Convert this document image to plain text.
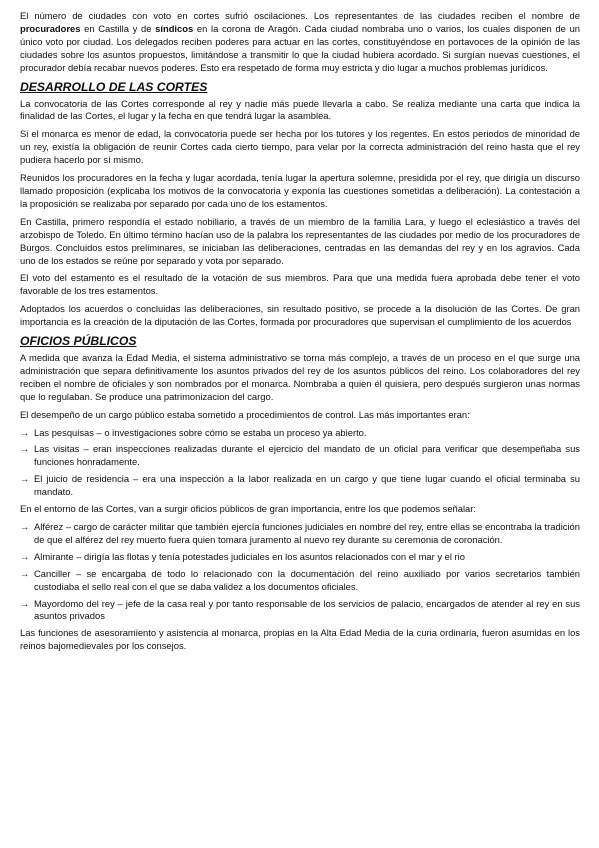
El número de ciudades con voto en cortes sufrió oscilaciones. Los representantes de las ciudades reciben el nombre de procuradores en Castilla y de síndicos en la corona de Aragón. Cada ciudad nombraba uno o varios, los cuales disponen de un único voto por ciudad. Los delegados reciben poderes para actuar en las cortes, constituyéndose en portavoces de la opinión de las ciudades sobre los asuntos propuestos, limitándose a transmitir lo que la ciudad hubiera acordado. Si surgían nuevas cuestiones, el procurador debía recabar nuevos poderes. Esto era respetado de forma muy estricta y dio lugar a muchos problemas jurídicos.

DESARROLLO DE LAS CORTES

La convocatoria de las Cortes corresponde al rey y nadie más puede llevarla a cabo. Se realiza mediante una carta que indica la finalidad de las Cortes, el lugar y la fecha en que tendrá lugar la asamblea.

Si el monarca es menor de edad, la convocatoria puede ser hecha por los tutores y los regentes. En estos periodos de minoridad de un rey, existía la obligación de reunir Cortes cada cierto tiempo, para velar por la correcta administración del reino hasta que el rey pudiera hacerlo por sí mismo.

Reunidos los procuradores en la fecha y lugar acordada, tenía lugar la apertura solemne, presidida por el rey, que dirigía un discurso llamado proposición (explicaba los motivos de la convocatoria y exponía las cuestiones sometidas a deliberación). La contestación a la proposición se realizaba por separado por cada uno de los estamentos.

En Castilla, primero respondía el estado nobiliario, a través de un miembro de la familia Lara, y luego el eclesiástico a través del arzobispo de Toledo. En último término hacían uso de la palabra los representantes de las ciudades por medio de los procuradores de Burgos. Concluidos estos preliminares, se iniciaban las deliberaciones, centradas en las demandas del rey y en los agravios. Cada uno de los estados se reúne por separado y vota por separado.

El voto del estamento es el resultado de la votación de sus miembros. Para que una medida fuera aprobada debe tener el voto favorable de los tres estamentos.

Adoptados los acuerdos o concluidas las deliberaciones, sin resultado positivo, se procede a la disolución de las Cortes. De gran importancia es la creación de la diputación de las Cortes, formada por procuradores que supervisan el cumplimiento de los acuerdos

OFICIOS PÚBLICOS

A medida que avanza la Edad Media, el sistema administrativo se torna más complejo, a través de un proceso en el que surge una administración que separa definitivamente los asuntos privados del rey de los asuntos públicos del reino. Los colaboradores del rey reciben el nombre de oficiales y son nombrados por el monarca. Nombraba a quien él quisiera, pero después surgieron unas normas que lo regulaban. Se produce una patrimonizacion del cargo.

El desempeño de un cargo público estaba sometido a procedimientos de control. Las más importantes eran:

→ Las pesquisas – o investigaciones sobre cómo se estaba un proceso ya abierto.
→ Las visitas – eran inspecciones realizadas durante el ejercicio del mandato de un oficial para verificar que desempeñaba sus funciones honradamente.
→ El juicio de residencia – era una inspección a la labor realizada en un cargo y que tiene lugar cuando el oficial terminaba su mandato.

En el entorno de las Cortes, van a surgir oficios públicos de gran importancia, entre los que podemos señalar:

→ Alférez – cargo de carácter militar que también ejercía funciones judiciales en nombre del rey, entre ellas se encontraba la tradición de que el alférez del rey muerto fuera quien tomara juramento al nuevo rey durante su ceremonia de coronación.
→ Almirante – dirigía las flotas y tenía potestades judiciales en los asuntos relacionados con el mar y el rio
→ Canciller – se encargaba de todo lo relacionado con la documentación del reino auxiliado por varios secretarios también custodiaba el sello real con el que se daba validez a los documentos oficiales.
→ Mayordomo del rey – jefe de la casa real y por tanto responsable de los servicios de palacio, encargados de atender al rey en sus asuntos privados

Las funciones de asesoramiento y asistencia al monarca, propias en la Alta Edad Media de la curia ordinaria, fueron asumidas en los reinos bajomedievales por los consejos.
